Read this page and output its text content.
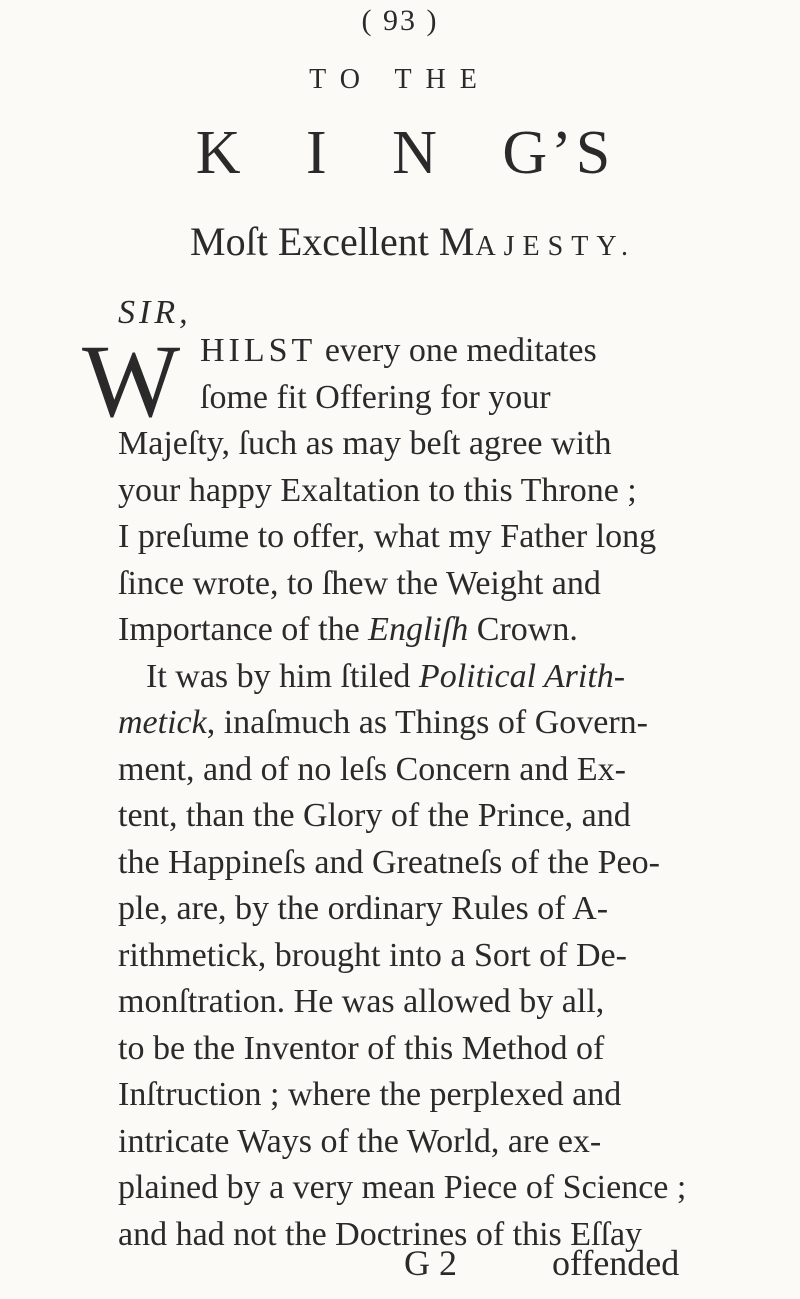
( 93 )
TO THE
K I N G’S
Moſt Excellent MAJESTY.
SIR,
W HILST every one meditates
ſome fit Offering for your
Majeſty, ſuch as may beſt agree with
your happy Exaltation to this Throne ;
I preſume to offer, what my Father long
ſince wrote, to ſhew the Weight and
Importance of the Engliſh Crown.
It was by him ſtiled Political Arith-
metick, inaſmuch as Things of Govern-
ment, and of no leſs Concern and Ex-
tent, than the Glory of the Prince, and
the Happineſs and Greatneſs of the Peo-
ple, are, by the ordinary Rules of A-
rithmetick, brought into a Sort of De-
monſtration. He was allowed by all,
to be the Inventor of this Method of
Inſtruction ; where the perplexed and
intricate Ways of the World, are ex-
plained by a very mean Piece of Science ;
and had not the Doctrines of this Eſſay
G 2	offended
